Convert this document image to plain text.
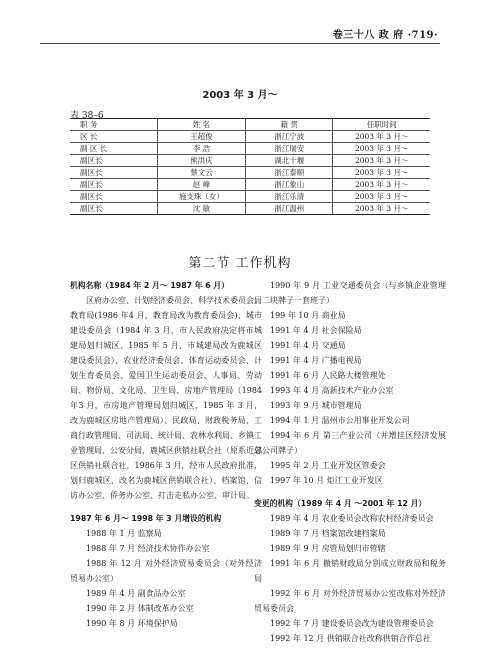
卷三十八 政 府 ·719·
2003 年 3 月～
表 38–6
职 务	姓 名	籍 贯	任职时间
区 长	王超俊	浙江宁波	2003 年 3 月～
副 区 长	李 浩	浙江瑞安	2003 年 3 月～
副区长	熊洪庆	湖北十堰	2003 年 3 月～
副区长	蔡文云	浙江泰顺	2003 年 3 月～
副区长	赵 峰	浙江象山	2003 年 3 月～
副区长	施支珠（女）	浙江乐清	2003 年 3 月～
副区长	沈 敏	浙江温州	2003 年 3 月～
第二节 工作机构

机构名称（1984 年 2 月～ 1987 年 6 月）

区府办公室、计划经济委员会、科学技术委员会、教育局(1986 年4 月，教育局改为教育委员会)、城市建设委员会（1984 年 3 月，市人民政府决定将市城建局划归城区、1985 年 5 月，市城建局改为鹿城区建设委员会）、农业经济委员会、体育运动委员会、计划生育委员会、爱国卫生运动委员会、人事局、劳动局、物价局、文化局、卫生局、房地产管理局（1984 年3 月，市房地产管理局划归城区，1985 年 3 月，改为鹿城区房地产管理局）、民政局、财政税务局、工商行政管理局、司法局、统计局、农林水利局、乡镇工业管理局、公安分局，鹿城区供销社联合社（原系近郊区供销社联合社，1986年 3 月，经市人民政府批准，划归鹿城区，改名为鹿城区供销联合社）、档案馆、信访办公室、侨务办公室、打击走私办公室、审计局。

1987 年 6 月～ 1998 年 3 月增设的机构

1988 年 1 月 监察局

1988 年 7 月 经济技术协作办公室

1988 年 12 月 对外经济贸易委员会（对外经济贸易办公室）

1989 年 4 月 副食品办公室

1990 年 2 月 体制改革办公室

1990 年 8 月 环境保护局

1990 年 9 月 工业交通委员会（与乡镇企业管理局二块牌子一套班子）

199 年 10 月 商业局

1991 年 4 月 社会保险局

1991 年 4 月 交通局

1991 年 4 月 广播电视局

1991 年 6 月 人民路大楼管理处

1993 年 4 月 高新技术产业办公室

1993 年 9 月 城市管理局

1994 年 1 月 温州市公用事业开发公司

1994 年 6 月 第三产业公司（并增挂区经济发展总公司牌子）

1995 年 2 月 工业开发区管委会

1997 年 10 月 炬江工业开发区

变更的机构（1989 年 4 月 ～2001 年 12 月）

1989 年 4 月 农业委员会改称农村经济委员会

1989 年 7 月 档案馆改建档案局

1989 年 9 月 房管局划归市管辖

1991 年 6 月 撤销财政局分别成立财政局和税务局

1992 年 6 月 对外经济贸易办公室改称对外经济贸易委员会

1992 年 7 月 建设委员会改为建设管理委员会

1992 年 12 月 供销联合社改称供销合作总社
